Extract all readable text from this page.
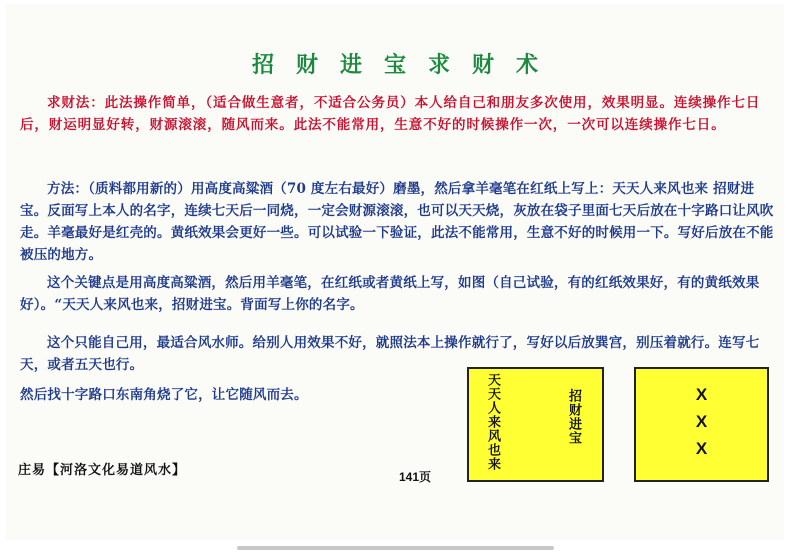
招财进宝求财术

求财法：此法操作简单，（适合做生意者，不适合公务员）本人给自己和朋友多次使用，效果明显。连续操作七日后，财运明显好转，财源滚滚，随风而来。此法不能常用，生意不好的时候操作一次，一次可以连续操作七日。

方法：（质料都用新的）用高度高粱酒（70 度左右最好）磨墨，然后拿羊毫笔在红纸上写上：天天人来风也来 招财进宝。反面写上本人的名字，连续七天后一同烧，一定会财源滚滚，也可以天天烧，灰放在袋子里面七天后放在十字路口让风吹走。羊毫最好是红壳的。黄纸效果会更好一些。可以试验一下验证，此法不能常用，生意不好的时候用一下。写好后放在不能被压的地方。

这个关键点是用高度高粱酒，然后用羊毫笔，在红纸或者黄纸上写，如图（自己试验，有的红纸效果好，有的黄纸效果好）。“天天人来风也来，招财进宝。背面写上你的名字。

这个只能自己用，最适合风水师。给别人用效果不好，就照法本上操作就行了，写好以后放巽宫，别压着就行。连写七天，或者五天也行。

然后找十字路口东南角烧了它，让它随风而去。	天天人来风也来	招财进宝	X
X
X
庄易【河洛文化易道风水】	141页
